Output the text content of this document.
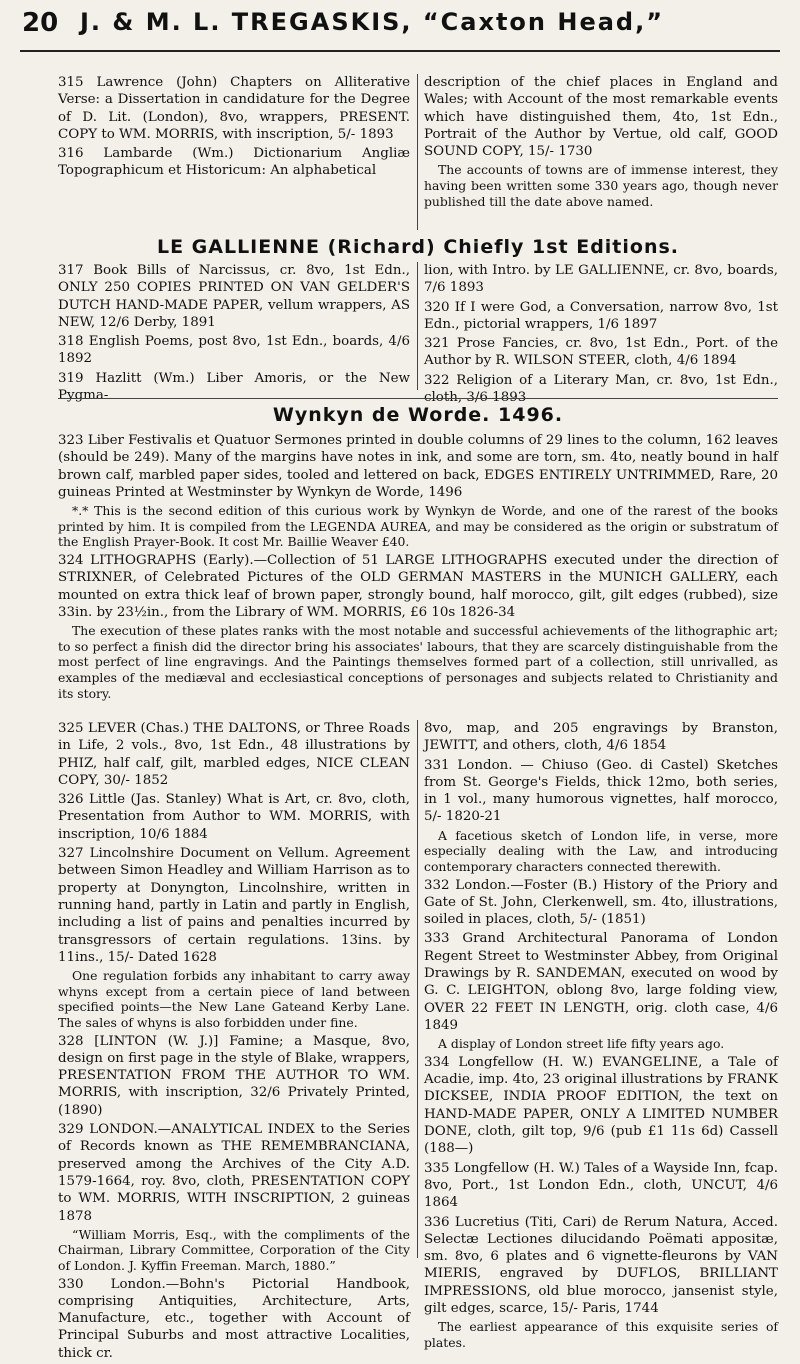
20 J. & M. L. TREGASKIS, “Caxton Head,”

315 Lawrence (John) Chapters on Alliterative Verse: a Dissertation in candidature for the Degree of D. Lit. (London), 8vo, wrappers, PRESENT. COPY to WM. MORRIS, with inscription, 5/- 1893

316 Lambarde (Wm.) Dictionarium Angliæ Topographicum et Historicum: An alphabetical

description of the chief places in England and Wales; with Account of the most remarkable events which have distinguished them, 4to, 1st Edn., Portrait of the Author by Vertue, old calf, GOOD SOUND COPY, 15/- 1730

The accounts of towns are of immense interest, they having been written some 330 years ago, though never published till the date above named.

LE GALLIENNE (Richard) Chiefly 1st Editions.

317 Book Bills of Narcissus, cr. 8vo, 1st Edn., ONLY 250 COPIES PRINTED ON VAN GELDER'S DUTCH HAND-MADE PAPER, vellum wrappers, AS NEW, 12/6 Derby, 1891

318 English Poems, post 8vo, 1st Edn., boards, 4/6 1892

319 Hazlitt (Wm.) Liber Amoris, or the New Pygma-

lion, with Intro. by LE GALLIENNE, cr. 8vo, boards, 7/6 1893

320 If I were God, a Conversation, narrow 8vo, 1st Edn., pictorial wrappers, 1/6 1897

321 Prose Fancies, cr. 8vo, 1st Edn., Port. of the Author by R. WILSON STEER, cloth, 4/6 1894

322 Religion of a Literary Man, cr. 8vo, 1st Edn., cloth, 3/6 1893

Wynkyn de Worde. 1496.

323 Liber Festivalis et Quatuor Sermones printed in double columns of 29 lines to the column, 162 leaves (should be 249). Many of the margins have notes in ink, and some are torn, sm. 4to, neatly bound in half brown calf, marbled paper sides, tooled and lettered on back, EDGES ENTIRELY UNTRIMMED, Rare, 20 guineas Printed at Westminster by Wynkyn de Worde, 1496

*.* This is the second edition of this curious work by Wynkyn de Worde, and one of the rarest of the books printed by him. It is compiled from the LEGENDA AUREA, and may be considered as the origin or substratum of the English Prayer-Book. It cost Mr. Baillie Weaver £40.

324 LITHOGRAPHS (Early).—Collection of 51 LARGE LITHOGRAPHS executed under the direction of STRIXNER, of Celebrated Pictures of the OLD GERMAN MASTERS in the MUNICH GALLERY, each mounted on extra thick leaf of brown paper, strongly bound, half morocco, gilt, gilt edges (rubbed), size 33in. by 23½in., from the Library of WM. MORRIS, £6 10s 1826-34

The execution of these plates ranks with the most notable and successful achievements of the lithographic art; to so perfect a finish did the director bring his associates' labours, that they are scarcely distinguishable from the most perfect of line engravings. And the Paintings themselves formed part of a collection, still unrivalled, as examples of the mediæval and ecclesiastical conceptions of personages and subjects related to Christianity and its story.

325 LEVER (Chas.) THE DALTONS, or Three Roads in Life, 2 vols., 8vo, 1st Edn., 48 illustrations by PHIZ, half calf, gilt, marbled edges, NICE CLEAN COPY, 30/- 1852

326 Little (Jas. Stanley) What is Art, cr. 8vo, cloth, Presentation from Author to WM. MORRIS, with inscription, 10/6 1884

327 Lincolnshire Document on Vellum. Agreement between Simon Headley and William Harrison as to property at Donyngton, Lincolnshire, written in running hand, partly in Latin and partly in English, including a list of pains and penalties incurred by transgressors of certain regulations. 13ins. by 11ins., 15/- Dated 1628

One regulation forbids any inhabitant to carry away whyns except from a certain piece of land between specified points—the New Lane Gateand Kerby Lane. The sales of whyns is also forbidden under fine.

328 [LINTON (W. J.)] Famine; a Masque, 8vo, design on first page in the style of Blake, wrappers, PRESENTATION FROM THE AUTHOR TO WM. MORRIS, with inscription, 32/6 Privately Printed, (1890)

329 LONDON.—ANALYTICAL INDEX to the Series of Records known as THE REMEMBRANCIANA, preserved among the Archives of the City A.D. 1579-1664, roy. 8vo, cloth, PRESENTATION COPY to WM. MORRIS, WITH INSCRIPTION, 2 guineas 1878

“William Morris, Esq., with the compliments of the Chairman, Library Committee, Corporation of the City of London. J. Kyffin Freeman. March, 1880.”

330 London.—Bohn's Pictorial Handbook, comprising Antiquities, Architecture, Arts, Manufacture, etc., together with Account of Principal Suburbs and most attractive Localities, thick cr.

8vo, map, and 205 engravings by Branston, JEWITT, and others, cloth, 4/6 1854

331 London. — Chiuso (Geo. di Castel) Sketches from St. George's Fields, thick 12mo, both series, in 1 vol., many humorous vignettes, half morocco, 5/- 1820-21

A facetious sketch of London life, in verse, more especially dealing with the Law, and introducing contemporary characters connected therewith.

332 London.—Foster (B.) History of the Priory and Gate of St. John, Clerkenwell, sm. 4to, illustrations, soiled in places, cloth, 5/- (1851)

333 Grand Architectural Panorama of London Regent Street to Westminster Abbey, from Original Drawings by R. SANDEMAN, executed on wood by G. C. LEIGHTON, oblong 8vo, large folding view, OVER 22 FEET IN LENGTH, orig. cloth case, 4/6 1849

A display of London street life fifty years ago.

334 Longfellow (H. W.) EVANGELINE, a Tale of Acadie, imp. 4to, 23 original illustrations by FRANK DICKSEE, INDIA PROOF EDITION, the text on HAND-MADE PAPER, ONLY A LIMITED NUMBER DONE, cloth, gilt top, 9/6 (pub £1 11s 6d) Cassell (188—)

335 Longfellow (H. W.) Tales of a Wayside Inn, fcap. 8vo, Port., 1st London Edn., cloth, UNCUT, 4/6 1864

336 Lucretius (Titi, Cari) de Rerum Natura, Acced. Selectæ Lectiones dilucidando Poëmati appositæ, sm. 8vo, 6 plates and 6 vignette-fleurons by VAN MIERIS, engraved by DUFLOS, BRILLIANT IMPRESSIONS, old blue morocco, jansenist style, gilt edges, scarce, 15/- Paris, 1744

The earliest appearance of this exquisite series of plates.
